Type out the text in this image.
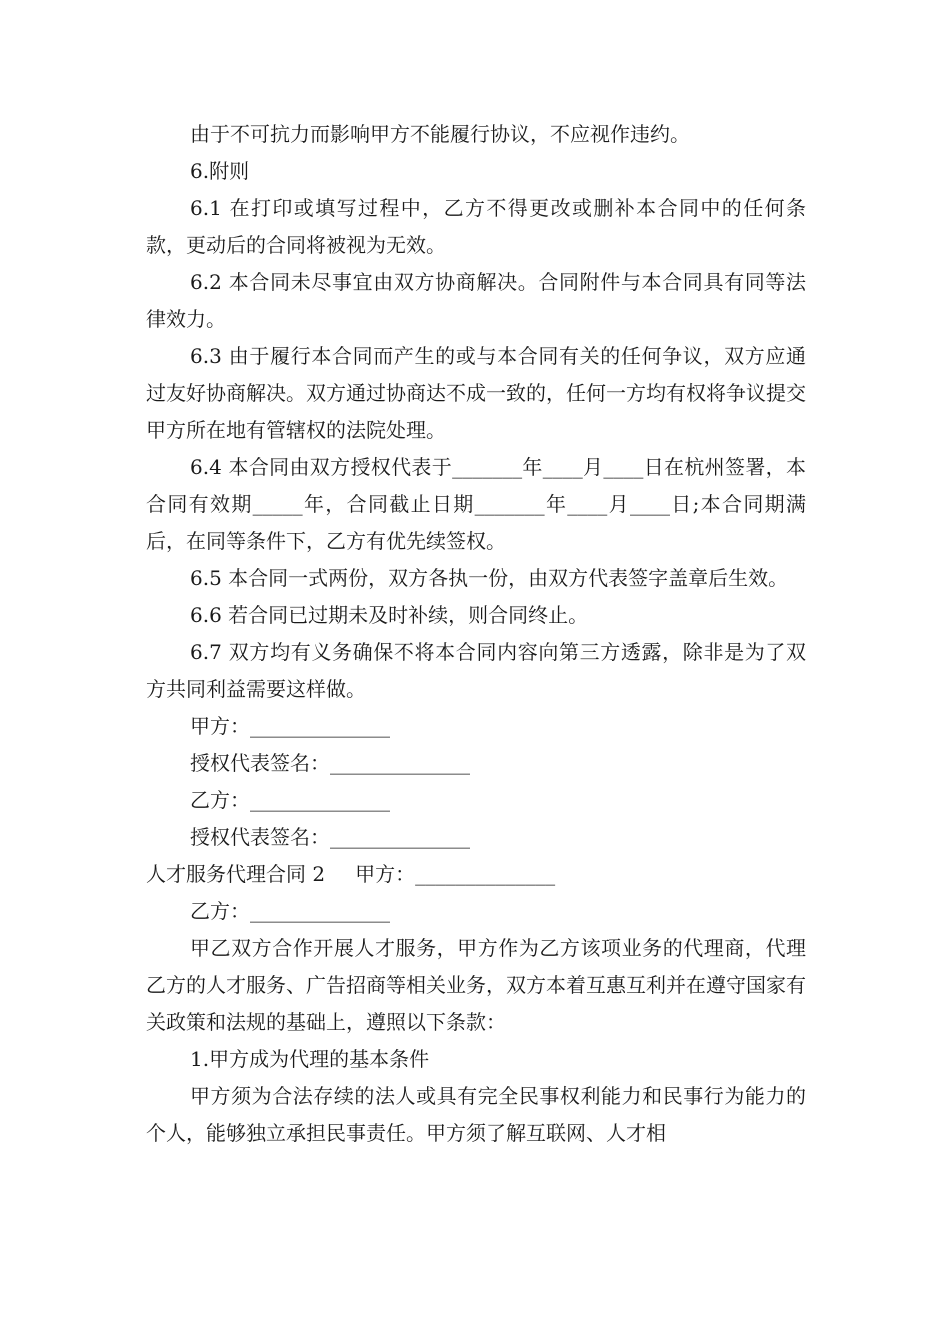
由于不可抗力而影响甲方不能履行协议，不应视作违约。

6.附则

6.1 在打印或填写过程中，乙方不得更改或删补本合同中的任何条款，更动后的合同将被视为无效。

6.2 本合同未尽事宜由双方协商解决。合同附件与本合同具有同等法律效力。

6.3 由于履行本合同而产生的或与本合同有关的任何争议，双方应通过友好协商解决。双方通过协商达不成一致的，任何一方均有权将争议提交甲方所在地有管辖权的法院处理。

6.4 本合同由双方授权代表于_______年____月____日在杭州签署，本合同有效期_____年，合同截止日期_______年____月____日;本合同期满后，在同等条件下，乙方有优先续签权。

6.5 本合同一式两份，双方各执一份，由双方代表签字盖章后生效。

6.6 若合同已过期未及时补续，则合同终止。

6.7 双方均有义务确保不将本合同内容向第三方透露，除非是为了双方共同利益需要这样做。

甲方：______________

授权代表签名：______________

乙方：______________

授权代表签名：______________

人才服务代理合同 2 甲方：______________

乙方：______________

甲乙双方合作开展人才服务，甲方作为乙方该项业务的代理商，代理乙方的人才服务、广告招商等相关业务，双方本着互惠互利并在遵守国家有关政策和法规的基础上，遵照以下条款：

1.甲方成为代理的基本条件

甲方须为合法存续的法人或具有完全民事权利能力和民事行为能力的个人，能够独立承担民事责任。甲方须了解互联网、人才相
